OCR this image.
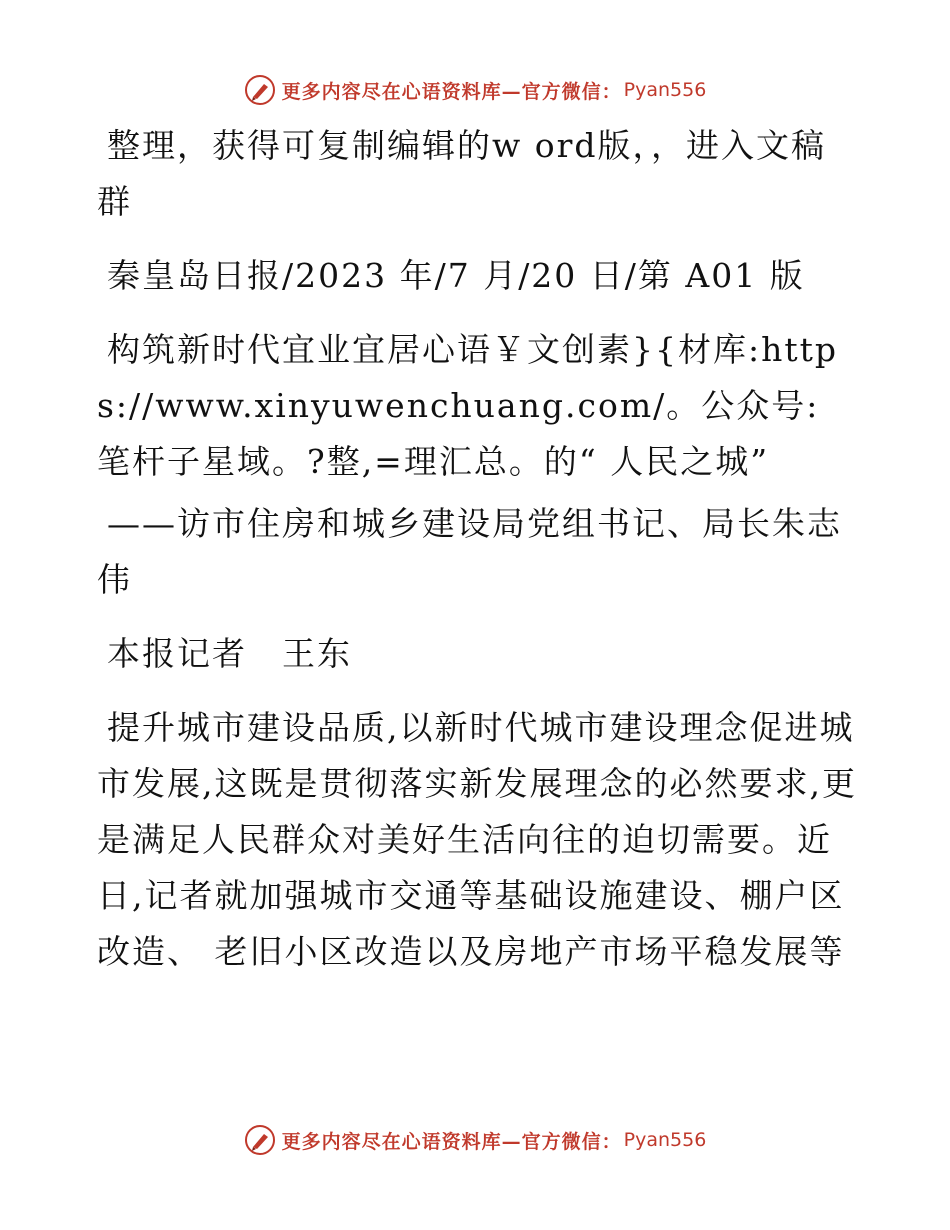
更多内容尽在心语资料库—官方微信： Pyan556

整理，获得可复制编辑的w ord版，，进入文稿群

秦皇岛日报/2023 年/7 月/20 日/第 A01 版

构筑新时代宜业宜居心语￥文创素}{材库:https://www.xinyuwenchuang.com/。公众号: 笔杆子星域。?整,=理汇总。的“ 人民之城”

——访市住房和城乡建设局党组书记、局长朱志伟

本报记者　王东

提升城市建设品质,以新时代城市建设理念促进城市发展,这既是贯彻落实新发展理念的必然要求,更是满足人民群众对美好生活向往的迫切需要。近日,记者就加强城市交通等基础设施建设、棚户区改造、 老旧小区改造以及房地产市场平稳发展等

更多内容尽在心语资料库—官方微信： Pyan556
